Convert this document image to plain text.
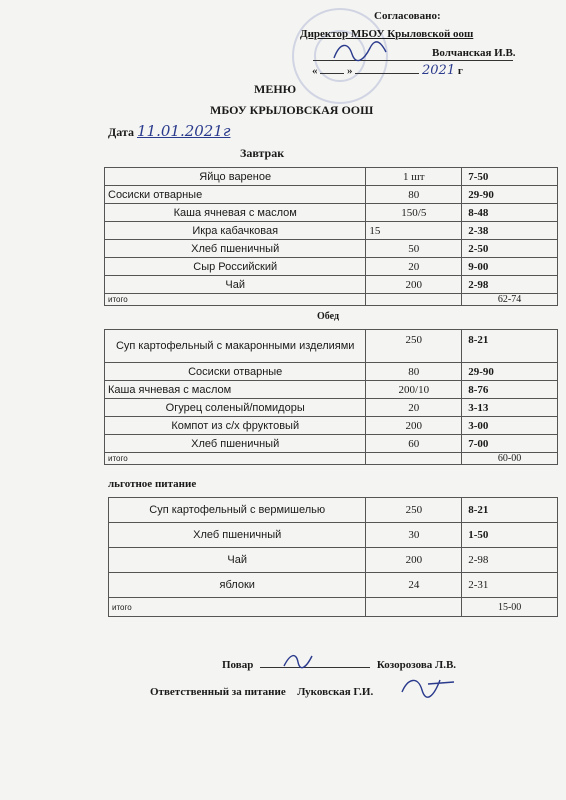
Согласовано:
Директор МБОУ Крыловской оош
Волчанская И.В.
«	»	2021 г
МЕНЮ
МБОУ КРЫЛОВСКАЯ ООШ
Дата 11.01.2021г
Завтрак
Яйцо вареное	1 шт	7-50
Сосиски отварные	80	29-90
Каша ячневая с маслом	150/5	8-48
Икра кабачковая	15	2-38
Хлеб пшеничный	50	2-50
Сыр Российский	20	9-00
Чай	200	2-98
итого		62-74
Обед
Суп картофельный с макаронными изделиями	250	8-21
Сосиски отварные	80	29-90
Каша ячневая с маслом	200/10	8-76
Огурец соленый/помидоры	20	3-13
Компот из с/х фруктовый	200	3-00
Хлеб пшеничный	60	7-00
итого		60-00
льготное питание
Суп картофельный с вермишелью	250	8-21
Хлеб пшеничный	30	1-50
Чай	200	2-98
яблоки	24	2-31
итого		15-00
Повар	Козорозова Л.В.
Ответственный за питание Луковская Г.И.
